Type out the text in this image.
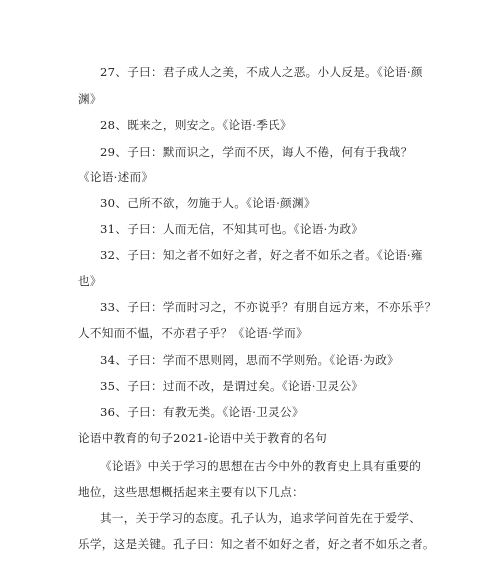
27、子曰：君子成人之美，不成人之恶。小人反是。《论语·颜
渊》
28、既来之，则安之。《论语·季氏》
29、子曰：默而识之，学而不厌，诲人不倦，何有于我哉？
《论语·述而》
30、己所不欲，勿施于人。《论语·颜渊》
31、子曰：人而无信，不知其可也。《论语·为政》
32、子曰：知之者不如好之者，好之者不如乐之者。《论语·雍
也》
33、子曰：学而时习之，不亦说乎？有朋自远方来，不亦乐乎？
人不知而不愠，不亦君子乎？《论语·学而》
34、子曰：学而不思则罔，思而不学则殆。《论语·为政》
35、子曰：过而不改，是谓过矣。《论语·卫灵公》
36、子曰：有教无类。《论语·卫灵公》
论语中教育的句子2021-论语中关于教育的名句
《论语》中关于学习的思想在古今中外的教育史上具有重要的
地位，这些思想概括起来主要有以下几点：
其一，关于学习的态度。孔子认为，追求学问首先在于爱学、
乐学，这是关键。孔子曰：知之者不如好之者，好之者不如乐之者。
